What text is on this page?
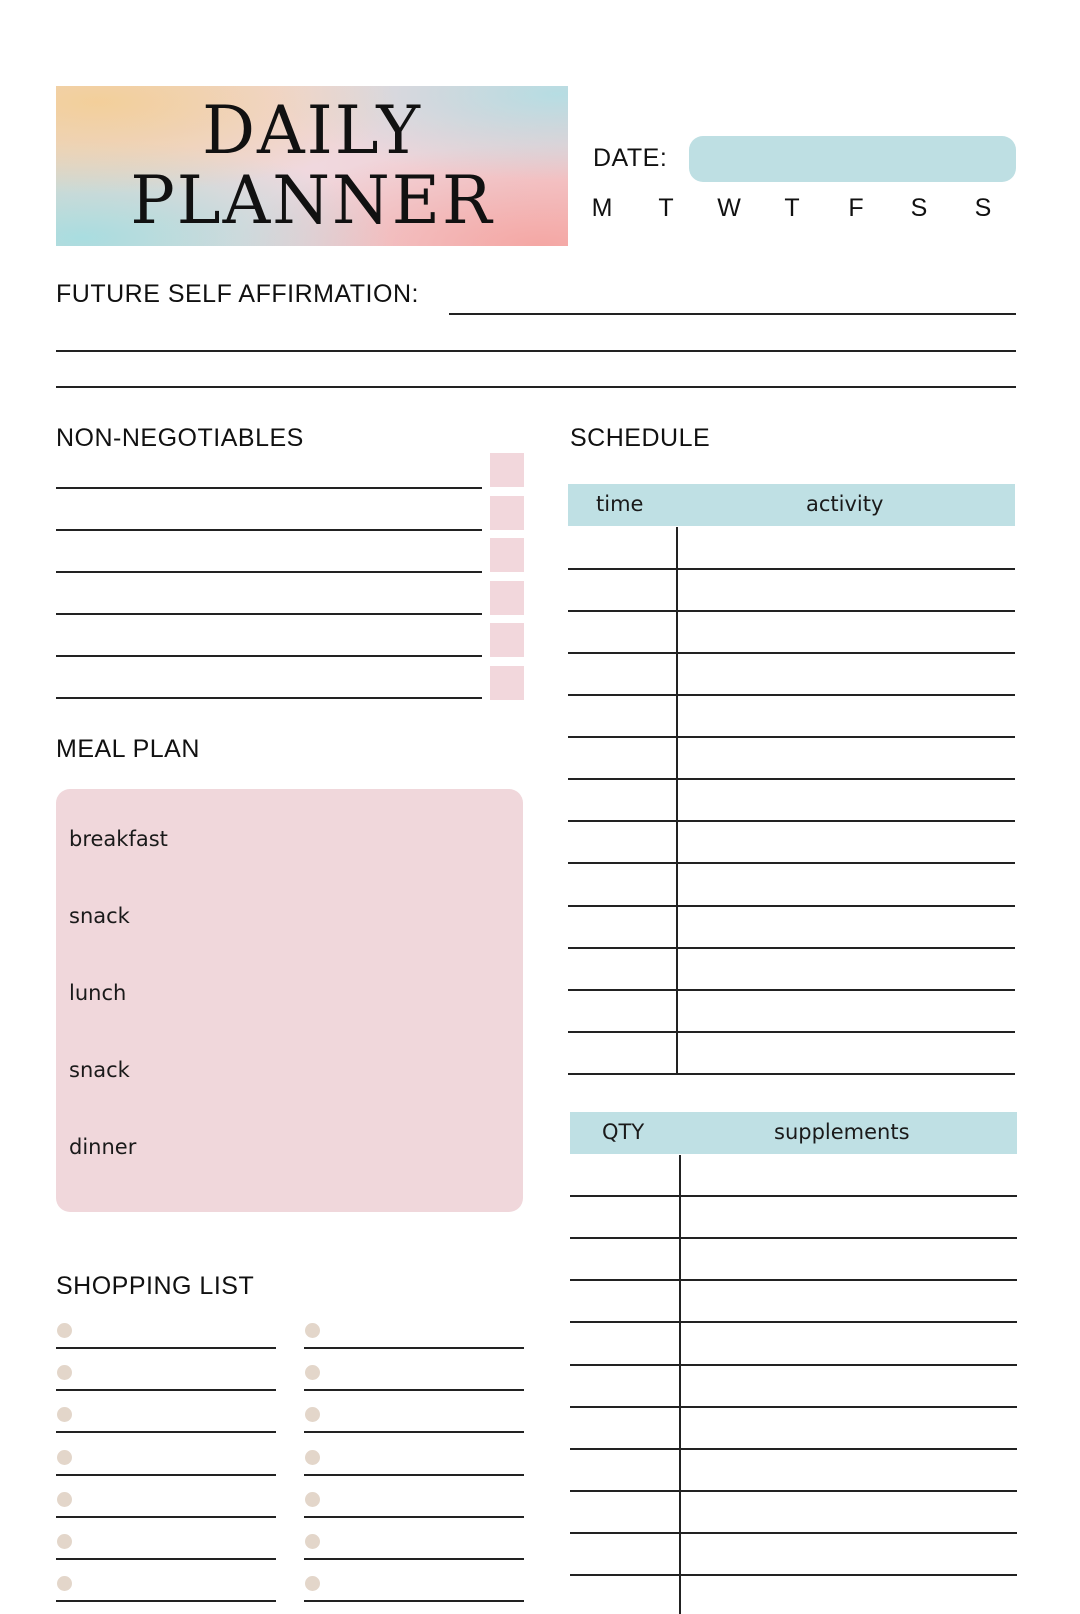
DAILY
PLANNER
DATE:
M T W T F S S
FUTURE SELF AFFIRMATION:
NON-NEGOTIABLES
MEAL PLAN
breakfast
snack
lunch
snack
dinner
SHOPPING LIST
SCHEDULE
time	activity
QTY	supplements
